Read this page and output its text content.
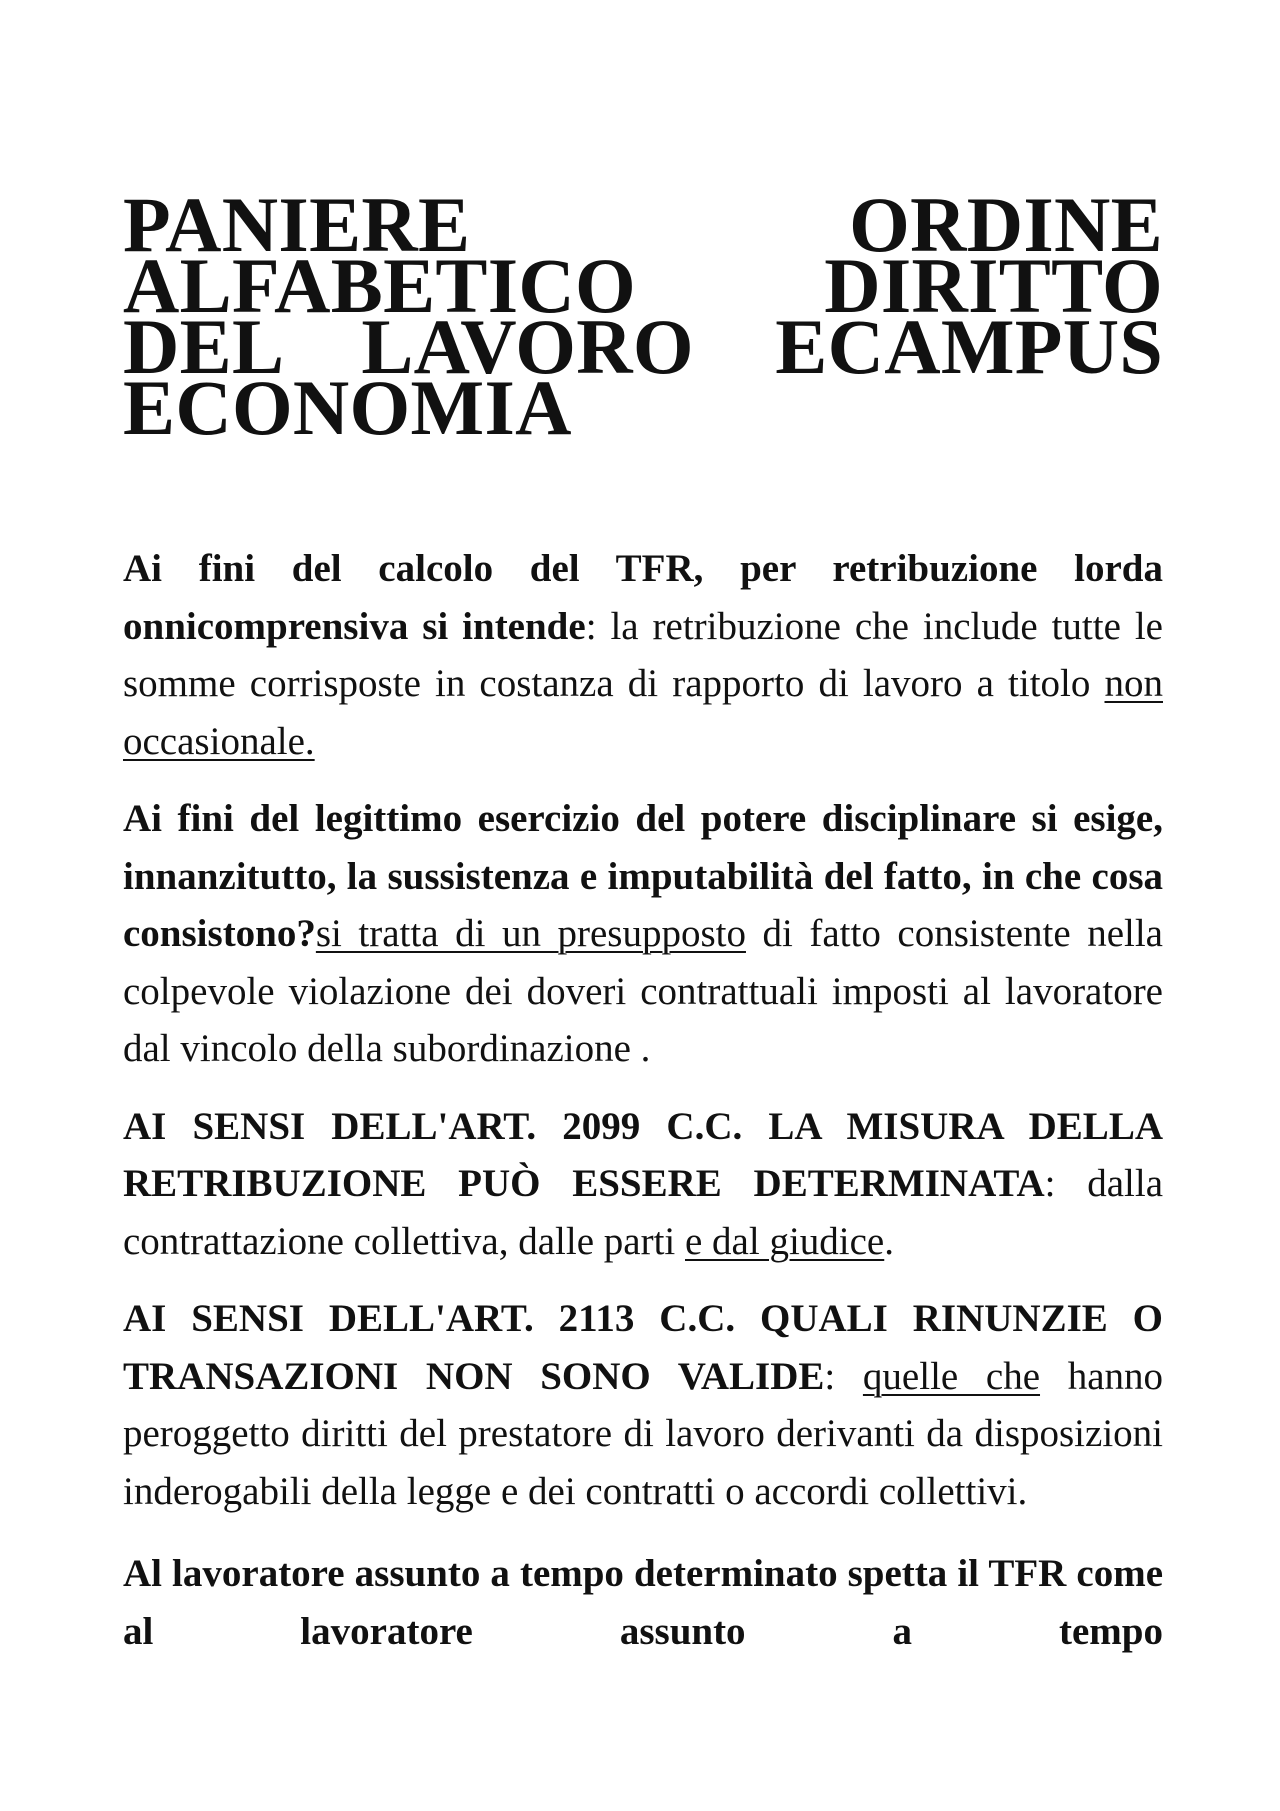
PANIERE ORDINE ALFABETICO DIRITTO DEL LAVORO ECAMPUS ECONOMIA

Ai fini del calcolo del TFR, per retribuzione lorda onnicomprensiva si intende: la retribuzione che include tutte le somme corrisposte in costanza di rapporto di lavoro a titolo non occasionale.

Ai fini del legittimo esercizio del potere disciplinare si esige, innanzitutto, la sussistenza e imputabilità del fatto, in che cosa consistono?si tratta di un presupposto di fatto consistente nella colpevole violazione dei doveri contrattuali imposti al lavoratore dal vincolo della subordinazione .

AI SENSI DELL'ART. 2099 C.C. LA MISURA DELLA RETRIBUZIONE PUÒ ESSERE DETERMINATA: dalla contrattazione collettiva, dalle parti e dal giudice.

AI SENSI DELL'ART. 2113 C.C. QUALI RINUNZIE O TRANSAZIONI NON SONO VALIDE: quelle che hanno peroggetto diritti del prestatore di lavoro derivanti da disposizioni inderogabili della legge e dei contratti o accordi collettivi.

Al lavoratore assunto a tempo determinato spetta il TFR come al lavoratore assunto a tempo
